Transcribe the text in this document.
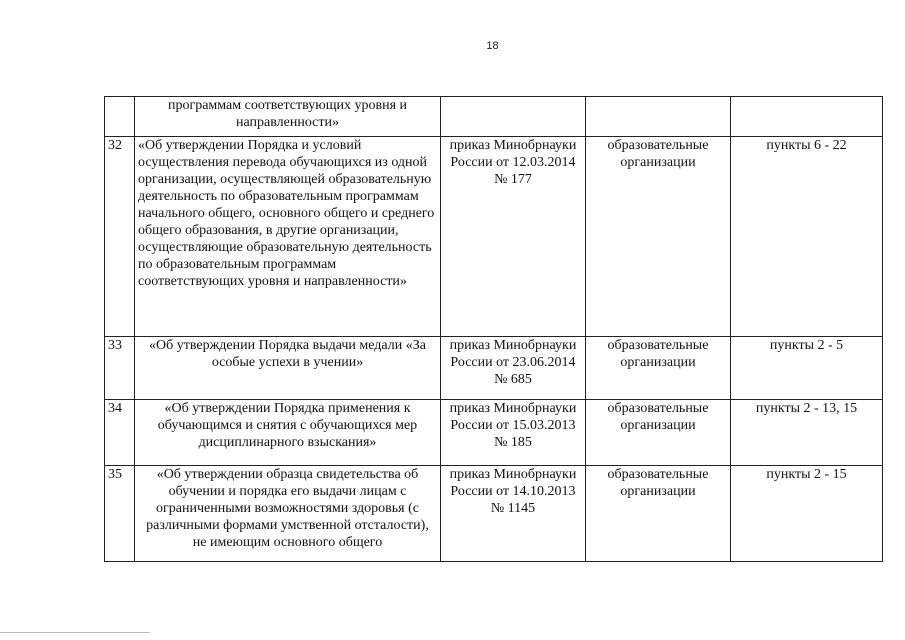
18
	программам соответствующих уровня и направленности»			
32	«Об утверждении Порядка и условий осуществления перевода обучающихся из одной организации, осуществляющей образовательную деятельность по образовательным программам начального общего, основного общего и среднего общего образования, в другие организации, осуществляющие образовательную деятельность по образовательным программам соответствующих уровня и направленности»	приказ Минобрнауки России от 12.03.2014 № 177	образовательные организации	пункты 6 - 22
33	«Об утверждении Порядка выдачи медали «За особые успехи в учении»	приказ Минобрнауки России от 23.06.2014 № 685	образовательные организации	пункты 2 - 5
34	«Об утверждении Порядка применения к обучающимся и снятия с обучающихся мер дисциплинарного взыскания»	приказ Минобрнауки России от 15.03.2013 № 185	образовательные организации	пункты 2 - 13, 15
35	«Об утверждении образца свидетельства об обучении и порядка его выдачи лицам с ограниченными возможностями здоровья (с различными формами умственной отсталости), не имеющим основного общего	приказ Минобрнауки России от 14.10.2013 № 1145	образовательные организации	пункты 2 - 15
